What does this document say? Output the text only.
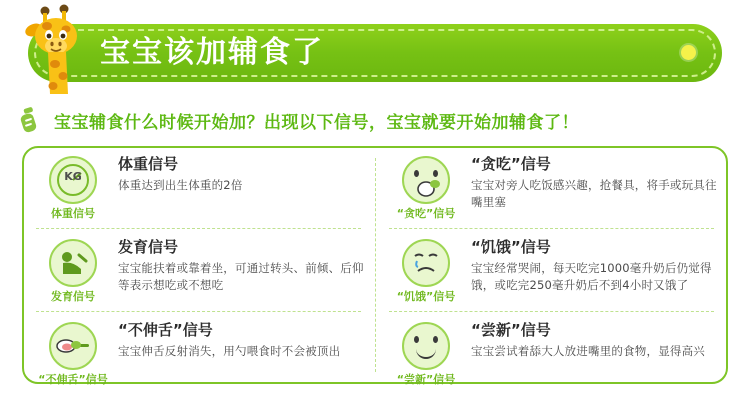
宝宝该加辅食了
宝宝辅食什么时候开始加？出现以下信号，宝宝就要开始加辅食了！
KG
体重信号
体重信号
体重达到出生体重的2倍
“贪吃”信号
“贪吃”信号
宝宝对旁人吃饭感兴趣，抢餐具，将手或玩具往嘴里塞
发育信号
发育信号
宝宝能扶着或靠着坐，可通过转头、前倾、后仰等表示想吃或不想吃
“饥饿”信号
“饥饿”信号
宝宝经常哭闹，每天吃完1000毫升奶后仍觉得饿，或吃完250毫升奶后不到4小时又饿了
“不伸舌”信号
“不伸舌”信号
宝宝伸舌反射消失，用勺喂食时不会被顶出
“尝新”信号
“尝新”信号
宝宝尝试着舔大人放进嘴里的食物，显得高兴
